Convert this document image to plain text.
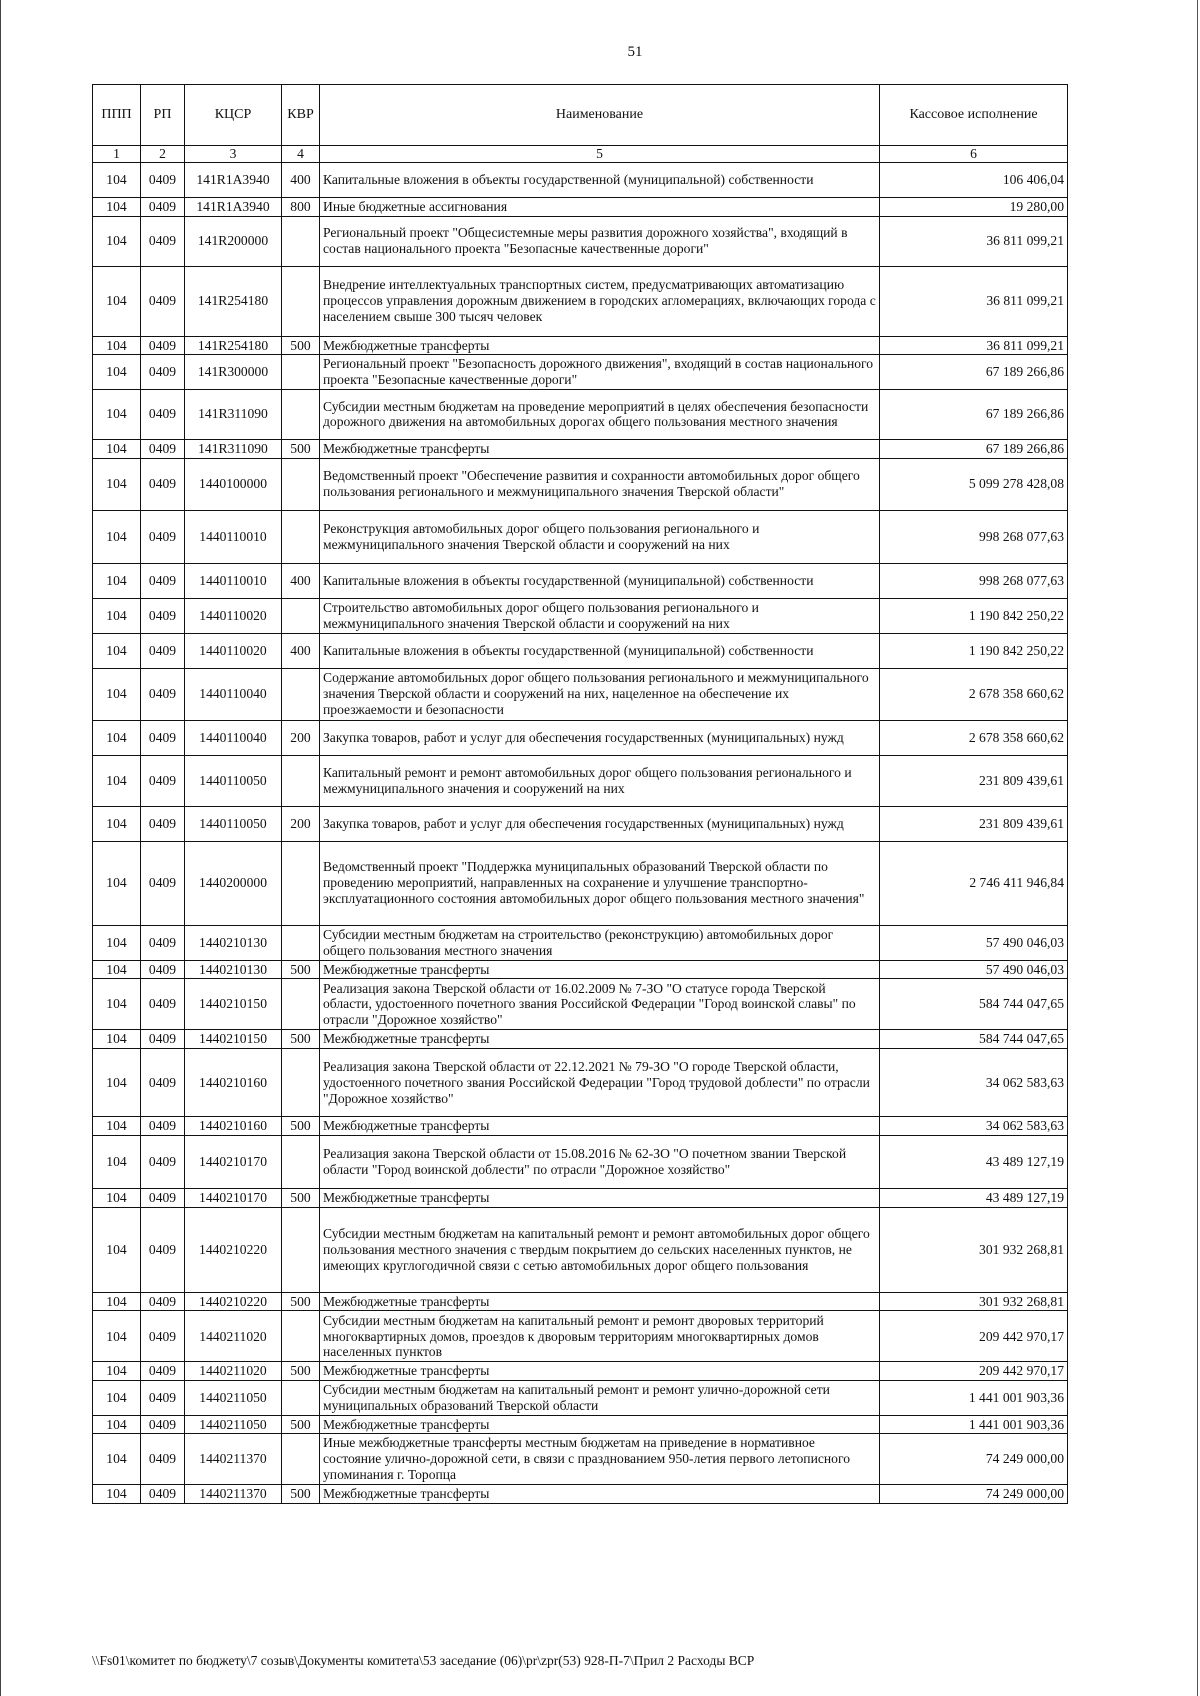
51
ППП	РП	КЦСР	КВР	Наименование	Кассовое исполнение
1	2	3	4	5	6
104	0409	141R1A3940	400	Капитальные вложения в объекты государственной (муниципальной) собственности	106 406,04
104	0409	141R1A3940	800	Иные бюджетные ассигнования	19 280,00
104	0409	141R200000		Региональный проект "Общесистемные меры развития дорожного хозяйства", входящий в состав национального проекта "Безопасные качественные дороги"	36 811 099,21
104	0409	141R254180		Внедрение интеллектуальных транспортных систем, предусматривающих автоматизацию процессов управления дорожным движением в городских агломерациях, включающих города с населением свыше 300 тысяч человек	36 811 099,21
104	0409	141R254180	500	Межбюджетные трансферты	36 811 099,21
104	0409	141R300000		Региональный проект "Безопасность дорожного движения", входящий в состав национального проекта "Безопасные качественные дороги"	67 189 266,86
104	0409	141R311090		Субсидии местным бюджетам на проведение мероприятий в целях обеспечения безопасности дорожного движения на автомобильных дорогах общего пользования местного значения	67 189 266,86
104	0409	141R311090	500	Межбюджетные трансферты	67 189 266,86
104	0409	1440100000		Ведомственный проект "Обеспечение развития и сохранности автомобильных дорог общего пользования регионального и межмуниципального значения Тверской области"	5 099 278 428,08
104	0409	1440110010		Реконструкция автомобильных дорог общего пользования регионального и межмуниципального значения Тверской области и сооружений на них	998 268 077,63
104	0409	1440110010	400	Капитальные вложения в объекты государственной (муниципальной) собственности	998 268 077,63
104	0409	1440110020		Строительство автомобильных дорог общего пользования регионального и межмуниципального значения Тверской области и сооружений на них	1 190 842 250,22
104	0409	1440110020	400	Капитальные вложения в объекты государственной (муниципальной) собственности	1 190 842 250,22
104	0409	1440110040		Содержание автомобильных дорог общего пользования регионального и межмуниципального значения Тверской области и сооружений на них, нацеленное на обеспечение их проезжаемости и безопасности	2 678 358 660,62
104	0409	1440110040	200	Закупка товаров, работ и услуг для обеспечения государственных (муниципальных) нужд	2 678 358 660,62
104	0409	1440110050		Капитальный ремонт и ремонт автомобильных дорог общего пользования регионального и межмуниципального значения и сооружений на них	231 809 439,61
104	0409	1440110050	200	Закупка товаров, работ и услуг для обеспечения государственных (муниципальных) нужд	231 809 439,61
104	0409	1440200000		Ведомственный проект "Поддержка муниципальных образований Тверской области по проведению мероприятий, направленных на сохранение и улучшение транспортно-эксплуатационного состояния автомобильных дорог общего пользования местного значения"	2 746 411 946,84
104	0409	1440210130		Субсидии местным бюджетам на строительство (реконструкцию) автомобильных дорог общего пользования местного значения	57 490 046,03
104	0409	1440210130	500	Межбюджетные трансферты	57 490 046,03
104	0409	1440210150		Реализация закона Тверской области от 16.02.2009 № 7-ЗО "О статусе города Тверской области, удостоенного почетного звания Российской Федерации "Город воинской славы" по отрасли "Дорожное хозяйство"	584 744 047,65
104	0409	1440210150	500	Межбюджетные трансферты	584 744 047,65
104	0409	1440210160		Реализация закона Тверской области от 22.12.2021 № 79-ЗО "О городе Тверской области, удостоенного почетного звания Российской Федерации "Город трудовой доблести" по отрасли "Дорожное хозяйство"	34 062 583,63
104	0409	1440210160	500	Межбюджетные трансферты	34 062 583,63
104	0409	1440210170		Реализация закона Тверской области от 15.08.2016 № 62-ЗО "О почетном звании Тверской области "Город воинской доблести" по отрасли "Дорожное хозяйство"	43 489 127,19
104	0409	1440210170	500	Межбюджетные трансферты	43 489 127,19
104	0409	1440210220		Субсидии местным бюджетам на капитальный ремонт и ремонт автомобильных дорог общего пользования местного значения с твердым покрытием до сельских населенных пунктов, не имеющих круглогодичной связи с сетью автомобильных дорог общего пользования	301 932 268,81
104	0409	1440210220	500	Межбюджетные трансферты	301 932 268,81
104	0409	1440211020		Субсидии местным бюджетам на капитальный ремонт и ремонт дворовых территорий многоквартирных домов, проездов к дворовым территориям многоквартирных домов населенных пунктов	209 442 970,17
104	0409	1440211020	500	Межбюджетные трансферты	209 442 970,17
104	0409	1440211050		Субсидии местным бюджетам на капитальный ремонт и ремонт улично-дорожной сети муниципальных образований Тверской области	1 441 001 903,36
104	0409	1440211050	500	Межбюджетные трансферты	1 441 001 903,36
104	0409	1440211370		Иные межбюджетные трансферты местным бюджетам на приведение в нормативное состояние улично-дорожной сети, в связи с празднованием 950-летия первого летописного упоминания г. Торопца	74 249 000,00
104	0409	1440211370	500	Межбюджетные трансферты	74 249 000,00
\\Fs01\комитет по бюджету\7 созыв\Документы комитета\53 заседание (06)\pr\zpr(53) 928-П-7\Прил 2 Расходы ВСР
